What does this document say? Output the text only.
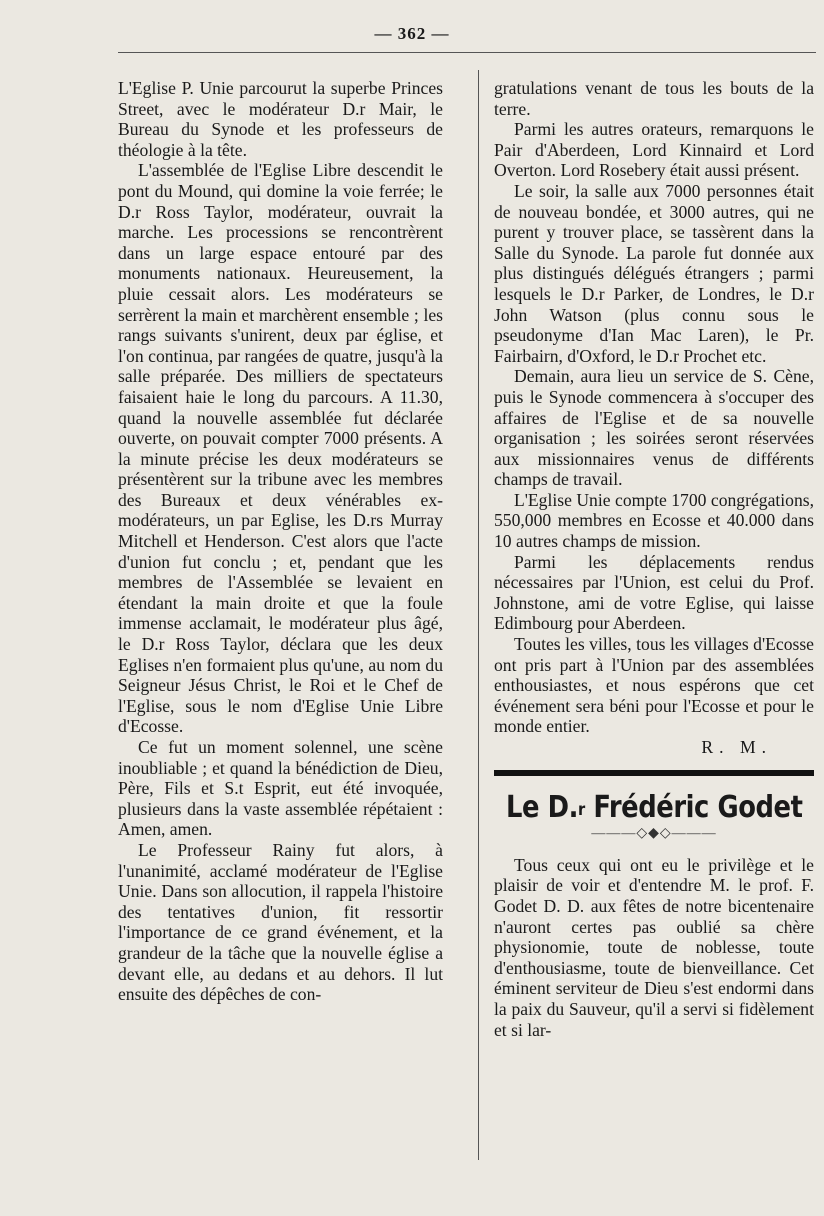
— 362 —

L'Eglise P. Unie parcourut la superbe Princes Street, avec le modérateur D.r Mair, le Bureau du Synode et les professeurs de théologie à la tête.

L'assemblée de l'Eglise Libre descendit le pont du Mound, qui domine la voie ferrée; le D.r Ross Taylor, modérateur, ouvrait la marche. Les processions se rencontrèrent dans un large espace entouré par des monuments nationaux. Heureusement, la pluie cessait alors. Les modérateurs se serrèrent la main et marchèrent ensemble ; les rangs suivants s'unirent, deux par église, et l'on continua, par rangées de quatre, jusqu'à la salle préparée. Des milliers de spectateurs faisaient haie le long du parcours. A 11.30, quand la nouvelle assemblée fut déclarée ouverte, on pouvait compter 7000 présents. A la minute précise les deux modérateurs se présentèrent sur la tribune avec les membres des Bureaux et deux vénérables ex-modérateurs, un par Eglise, les D.rs Murray Mitchell et Henderson. C'est alors que l'acte d'union fut conclu ; et, pendant que les membres de l'Assemblée se levaient en étendant la main droite et que la foule immense acclamait, le modérateur plus âgé, le D.r Ross Taylor, déclara que les deux Eglises n'en formaient plus qu'une, au nom du Seigneur Jésus Christ, le Roi et le Chef de l'Eglise, sous le nom d'Eglise Unie Libre d'Ecosse.

Ce fut un moment solennel, une scène inoubliable ; et quand la bénédiction de Dieu, Père, Fils et S.t Esprit, eut été invoquée, plusieurs dans la vaste assemblée répétaient : Amen, amen.

Le Professeur Rainy fut alors, à l'unanimité, acclamé modérateur de l'Eglise Unie. Dans son allocution, il rappela l'histoire des tentatives d'union, fit ressortir l'importance de ce grand événement, et la grandeur de la tâche que la nouvelle église a devant elle, au dedans et au dehors. Il lut ensuite des dépêches de con-

gratulations venant de tous les bouts de la terre.

Parmi les autres orateurs, remarquons le Pair d'Aberdeen, Lord Kinnaird et Lord Overton. Lord Rosebery était aussi présent.

Le soir, la salle aux 7000 personnes était de nouveau bondée, et 3000 autres, qui ne purent y trouver place, se tassèrent dans la Salle du Synode. La parole fut donnée aux plus distingués délégués étrangers ; parmi lesquels le D.r Parker, de Londres, le D.r John Watson (plus connu sous le pseudonyme d'Ian Mac Laren), le Pr. Fairbairn, d'Oxford, le D.r Prochet etc.

Demain, aura lieu un service de S. Cène, puis le Synode commencera à s'occuper des affaires de l'Eglise et de sa nouvelle organisation ; les soirées seront réservées aux missionnaires venus de différents champs de travail.

L'Eglise Unie compte 1700 congrégations, 550,000 membres en Ecosse et 40.000 dans 10 autres champs de mission.

Parmi les déplacements rendus nécessaires par l'Union, est celui du Prof. Johnstone, ami de votre Eglise, qui laisse Edimbourg pour Aberdeen.

Toutes les villes, tous les villages d'Ecosse ont pris part à l'Union par des assemblées enthousiastes, et nous espérons que cet événement sera béni pour l'Ecosse et pour le monde entier.

R. M.

Le D.$^r$ Frédéric Godet
———◇◆◇———

Tous ceux qui ont eu le privilège et le plaisir de voir et d'entendre M. le prof. F. Godet D. D. aux fêtes de notre bicentenaire n'auront certes pas oublié sa chère physionomie, toute de noblesse, toute d'enthousiasme, toute de bienveillance. Cet éminent serviteur de Dieu s'est endormi dans la paix du Sauveur, qu'il a servi si fidèlement et si lar-
